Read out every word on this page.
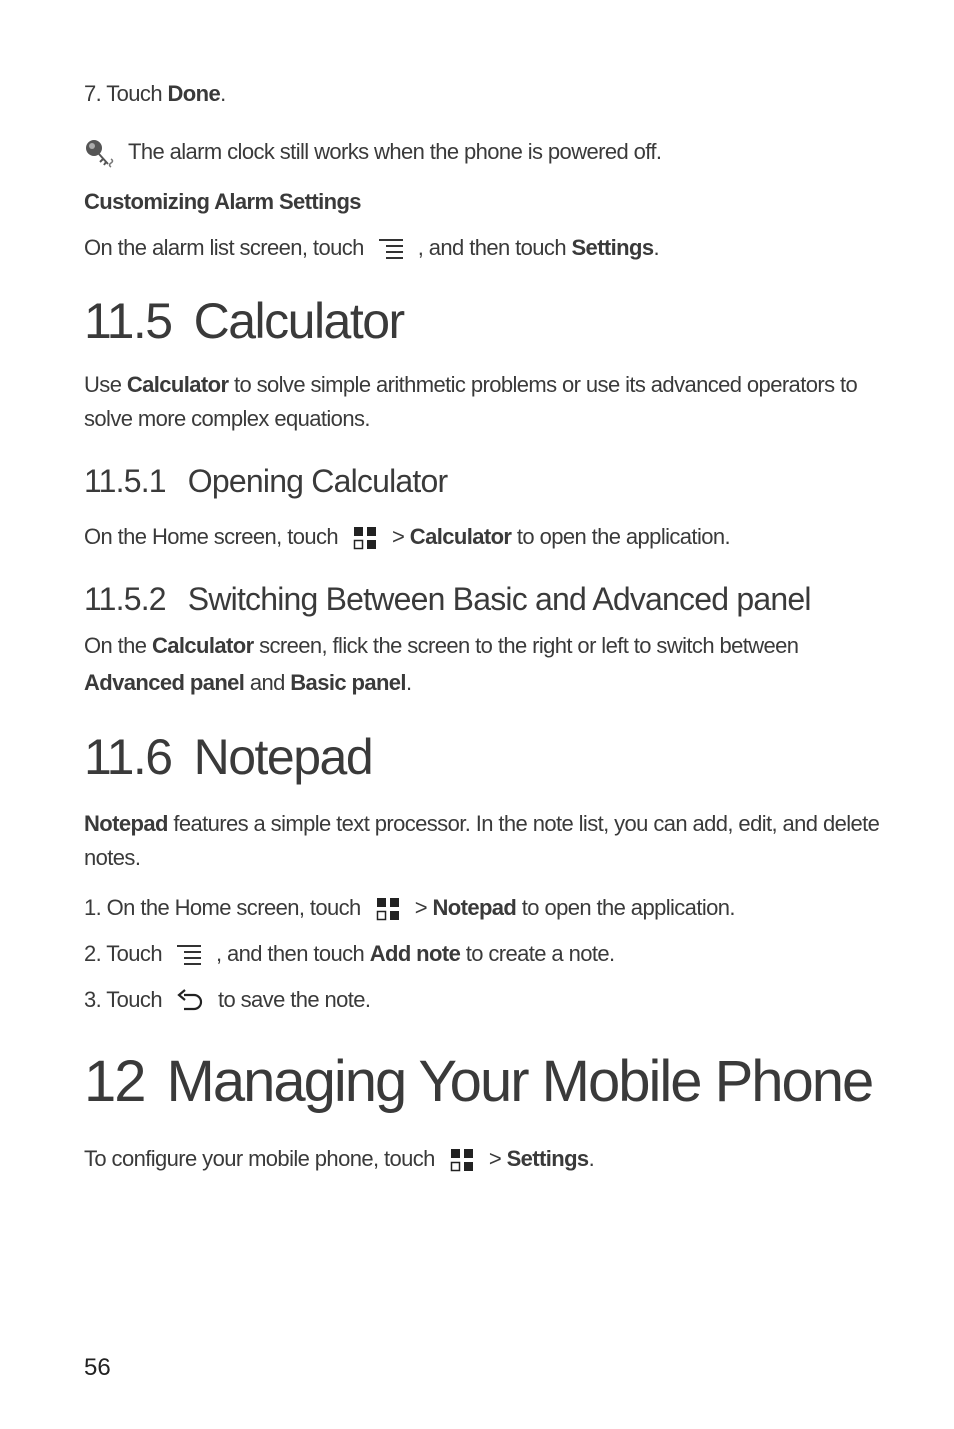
7. Touch Done.
The alarm clock still works when the phone is powered off.
Customizing Alarm Settings
On the alarm list screen, touch , and then touch Settings.
11.5 Calculator
Use Calculator to solve simple arithmetic problems or use its advanced operators to solve more complex equations.
11.5.1 Opening Calculator
On the Home screen, touch > Calculator to open the application.
11.5.2 Switching Between Basic and Advanced panel
On the Calculator screen, flick the screen to the right or left to switch between
Advanced panel and Basic panel.
11.6 Notepad
Notepad features a simple text processor. In the note list, you can add, edit, and delete notes.
1. On the Home screen, touch > Notepad to open the application.
2. Touch , and then touch Add note to create a note.
3. Touch	to save the note.
12 Managing Your Mobile Phone
To configure your mobile phone, touch > Settings.
56
